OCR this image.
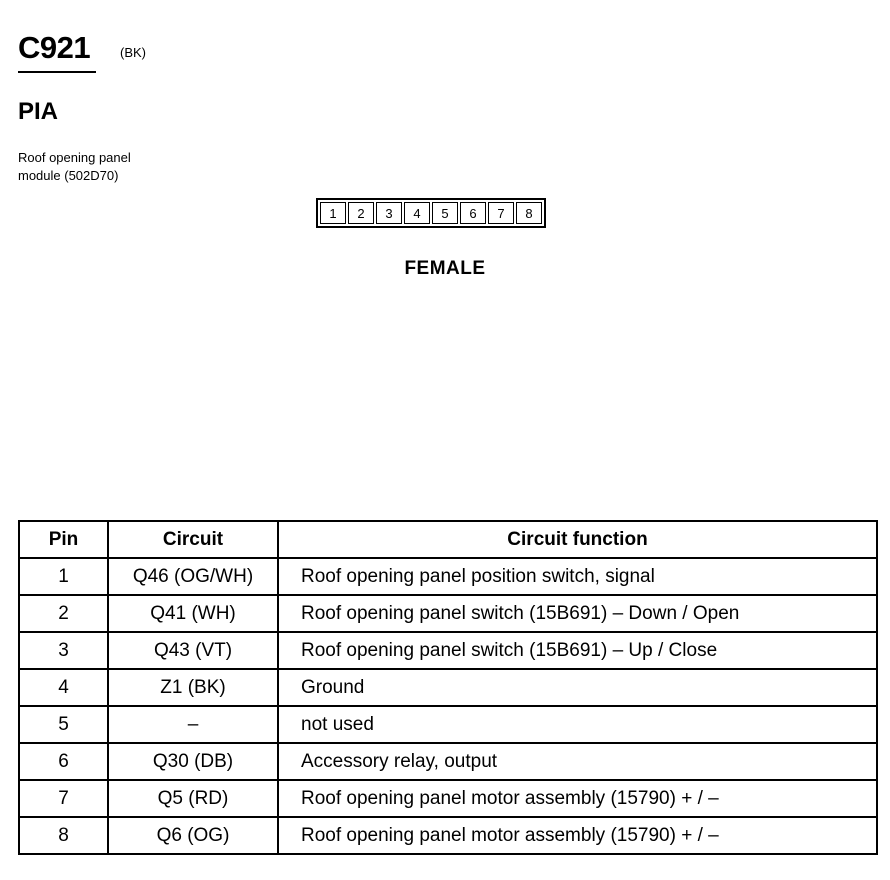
C921 (BK)
PIA
Roof opening panel
module (502D70)
1	2	3	4	5	6	7	8
FEMALE
Pin	Circuit	Circuit function
1	Q46 (OG/WH)	Roof opening panel position switch, signal
2	Q41 (WH)	Roof opening panel switch (15B691) – Down / Open
3	Q43 (VT)	Roof opening panel switch (15B691) – Up / Close
4	Z1 (BK)	Ground
5	–	not used
6	Q30 (DB)	Accessory relay, output
7	Q5 (RD)	Roof opening panel motor assembly (15790) + / –
8	Q6 (OG)	Roof opening panel motor assembly (15790) + / –
